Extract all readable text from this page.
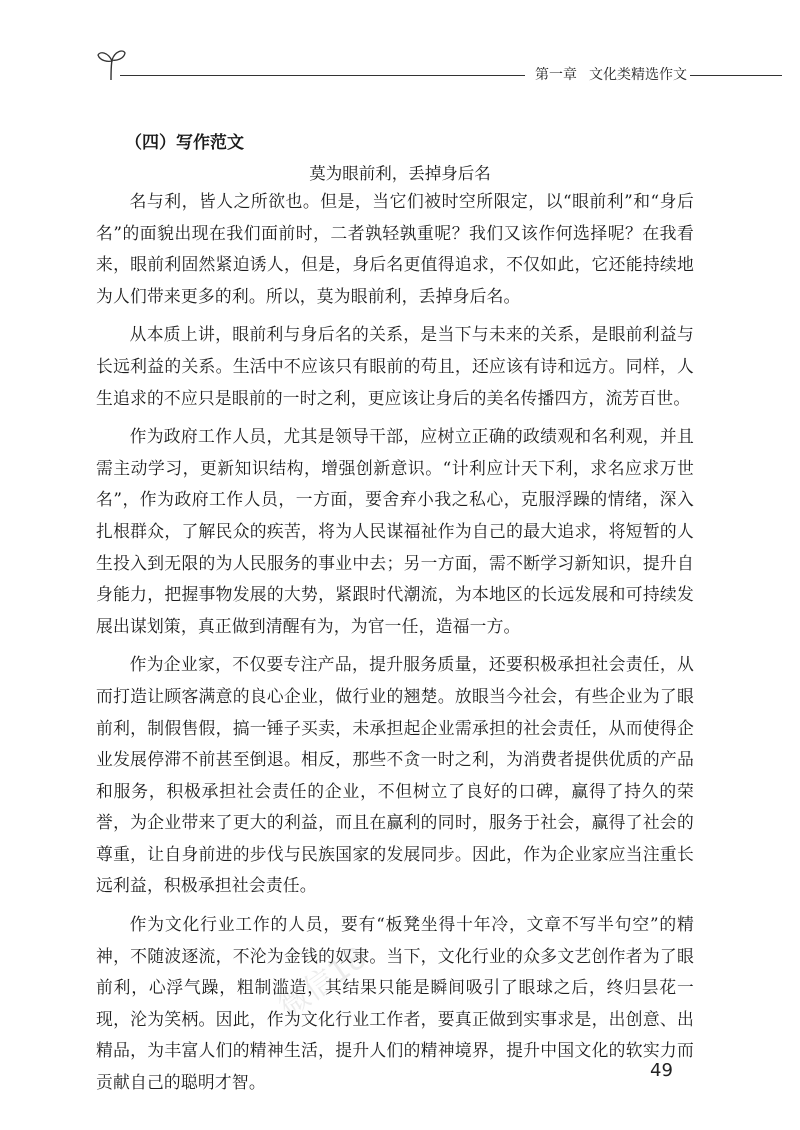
第一章 文化类精选作文
（四）写作范文
莫为眼前利，丢掉身后名

名与利，皆人之所欲也。但是，当它们被时空所限定，以“眼前利”和“身后名”的面貌出现在我们面前时，二者孰轻孰重呢？我们又该作何选择呢？在我看来，眼前利固然紧迫诱人，但是，身后名更值得追求，不仅如此，它还能持续地为人们带来更多的利。所以，莫为眼前利，丢掉身后名。

从本质上讲，眼前利与身后名的关系，是当下与未来的关系，是眼前利益与长远利益的关系。生活中不应该只有眼前的苟且，还应该有诗和远方。同样，人生追求的不应只是眼前的一时之利，更应该让身后的美名传播四方，流芳百世。

作为政府工作人员，尤其是领导干部，应树立正确的政绩观和名利观，并且需主动学习，更新知识结构，增强创新意识。“计利应计天下利，求名应求万世名”，作为政府工作人员，一方面，要舍弃小我之私心，克服浮躁的情绪，深入扎根群众，了解民众的疾苦，将为人民谋福祉作为自己的最大追求，将短暂的人生投入到无限的为人民服务的事业中去；另一方面，需不断学习新知识，提升自身能力，把握事物发展的大势，紧跟时代潮流，为本地区的长远发展和可持续发展出谋划策，真正做到清醒有为，为官一任，造福一方。

作为企业家，不仅要专注产品，提升服务质量，还要积极承担社会责任，从而打造让顾客满意的良心企业，做行业的翘楚。放眼当今社会，有些企业为了眼前利，制假售假，搞一锤子买卖，未承担起企业需承担的社会责任，从而使得企业发展停滞不前甚至倒退。相反，那些不贪一时之利，为消费者提供优质的产品和服务，积极承担社会责任的企业，不但树立了良好的口碑，赢得了持久的荣誉，为企业带来了更大的利益，而且在赢利的同时，服务于社会，赢得了社会的尊重，让自身前进的步伐与民族国家的发展同步。因此，作为企业家应当注重长远利益，积极承担社会责任。

作为文化行业工作的人员，要有“板凳坐得十年冷，文章不写半句空”的精神，不随波逐流，不沦为金钱的奴隶。当下，文化行业的众多文艺创作者为了眼前利，心浮气躁，粗制滥造，其结果只能是瞬间吸引了眼球之后，终归昙花一现，沦为笑柄。因此，作为文化行业工作者，要真正做到实事求是，出创意、出精品，为丰富人们的精神生活，提升人们的精神境界，提升中国文化的软实力而贡献自己的聪明才智。

49
微信18
